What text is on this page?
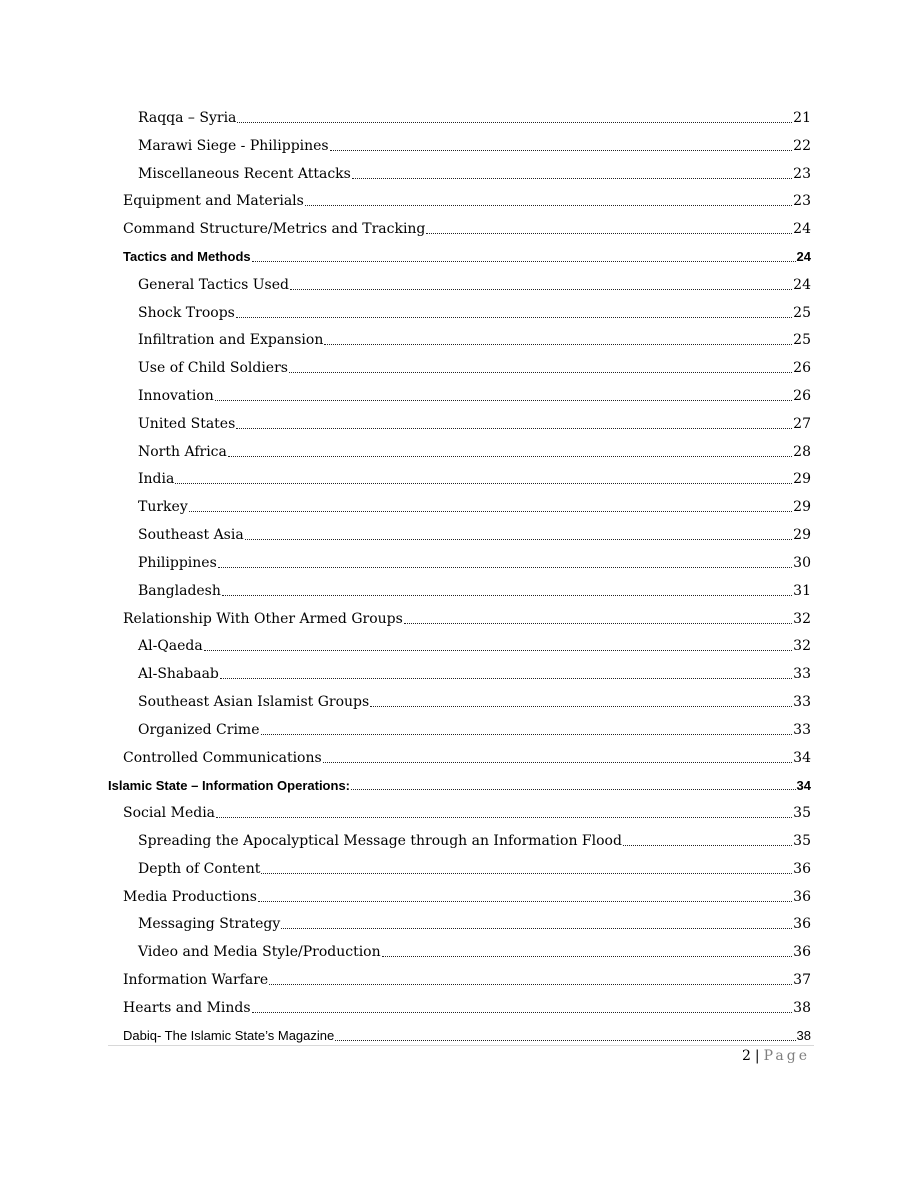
Raqqa – Syria	21
Marawi Siege - Philippines	22
Miscellaneous Recent Attacks	23
Equipment and Materials	23
Command Structure/Metrics and Tracking	24
Tactics and Methods	24
General Tactics Used	24
Shock Troops	25
Infiltration and Expansion	25
Use of Child Soldiers	26
Innovation	26
United States	27
North Africa	28
India	29
Turkey	29
Southeast Asia	29
Philippines	30
Bangladesh	31
Relationship With Other Armed Groups	32
Al-Qaeda	32
Al-Shabaab	33
Southeast Asian Islamist Groups	33
Organized Crime	33
Controlled Communications	34
Islamic State – Information Operations:	34
Social Media	35
Spreading the Apocalyptical Message through an Information Flood	35
Depth of Content	36
Media Productions	36
Messaging Strategy	36
Video and Media Style/Production	36
Information Warfare	37
Hearts and Minds	38
Dabiq- The Islamic State’s Magazine	38
2 | Page
